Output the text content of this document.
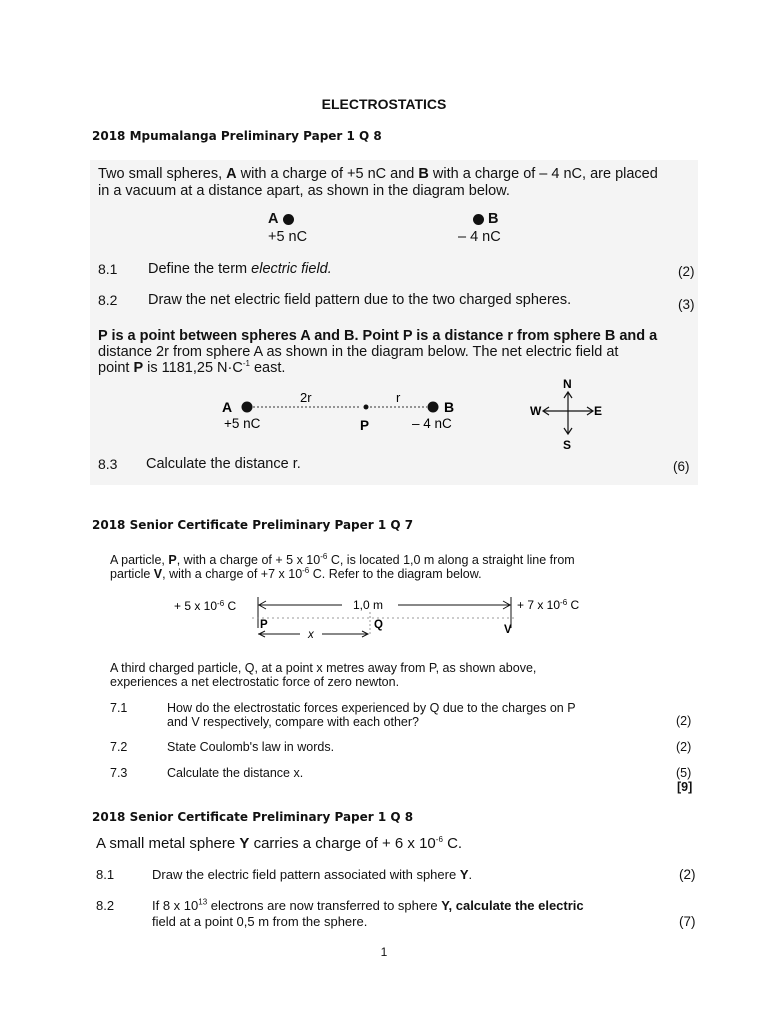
ELECTROSTATICS
2018 Mpumalanga Preliminary Paper 1 Q 8
Two small spheres, A with a charge of +5 nC and B with a charge of – 4 nC, are placed
in a vacuum at a distance apart, as shown in the diagram below.
A
+5 nC
B
– 4 nC
8.1 Define the term electric field.	(2)
8.2 Draw the net electric field pattern due to the two charged spheres.	(3)
P is a point between spheres A and B. Point P is a distance r from sphere B and a
distance 2r from sphere A as shown in the diagram below. The net electric field at
point P is 1181,25 $N\cdot C^{-1}$ east.
A
2r	r
B
+5 nC	P	– 4 nC
N
W	E
S
8.3 Calculate the distance r.	(6)
2018 Senior Certificate Preliminary Paper 1 Q 7
A particle, P, with a charge of + 5 x $10^{-6}$ C, is located 1,0 m along a straight line from
particle V, with a charge of +7 x $10^{-6}$ C. Refer to the diagram below.
+ 5 x $10^{-6}$ C	1,0 m	+ 7 x $10^{-6}$ C
P	Q	V
x
A third charged particle, Q, at a point x metres away from P, as shown above,
experiences a net electrostatic force of zero newton.
7.1	How do the electrostatic forces experienced by Q due to the charges on P
and V respectively, compare with each other?	(2)
7.2	State Coulomb's law in words.	(2)
7.3	Calculate the distance x.	(5)
[9]
2018 Senior Certificate Preliminary Paper 1 Q 8
A small metal sphere Y carries a charge of + 6 x $10^{-6}$ C.
8.1	Draw the electric field pattern associated with sphere Y.	(2)
8.2	If 8 x $10^{13}$ electrons are now transferred to sphere Y, calculate the electric
field at a point 0,5 m from the sphere.	(7)
1
